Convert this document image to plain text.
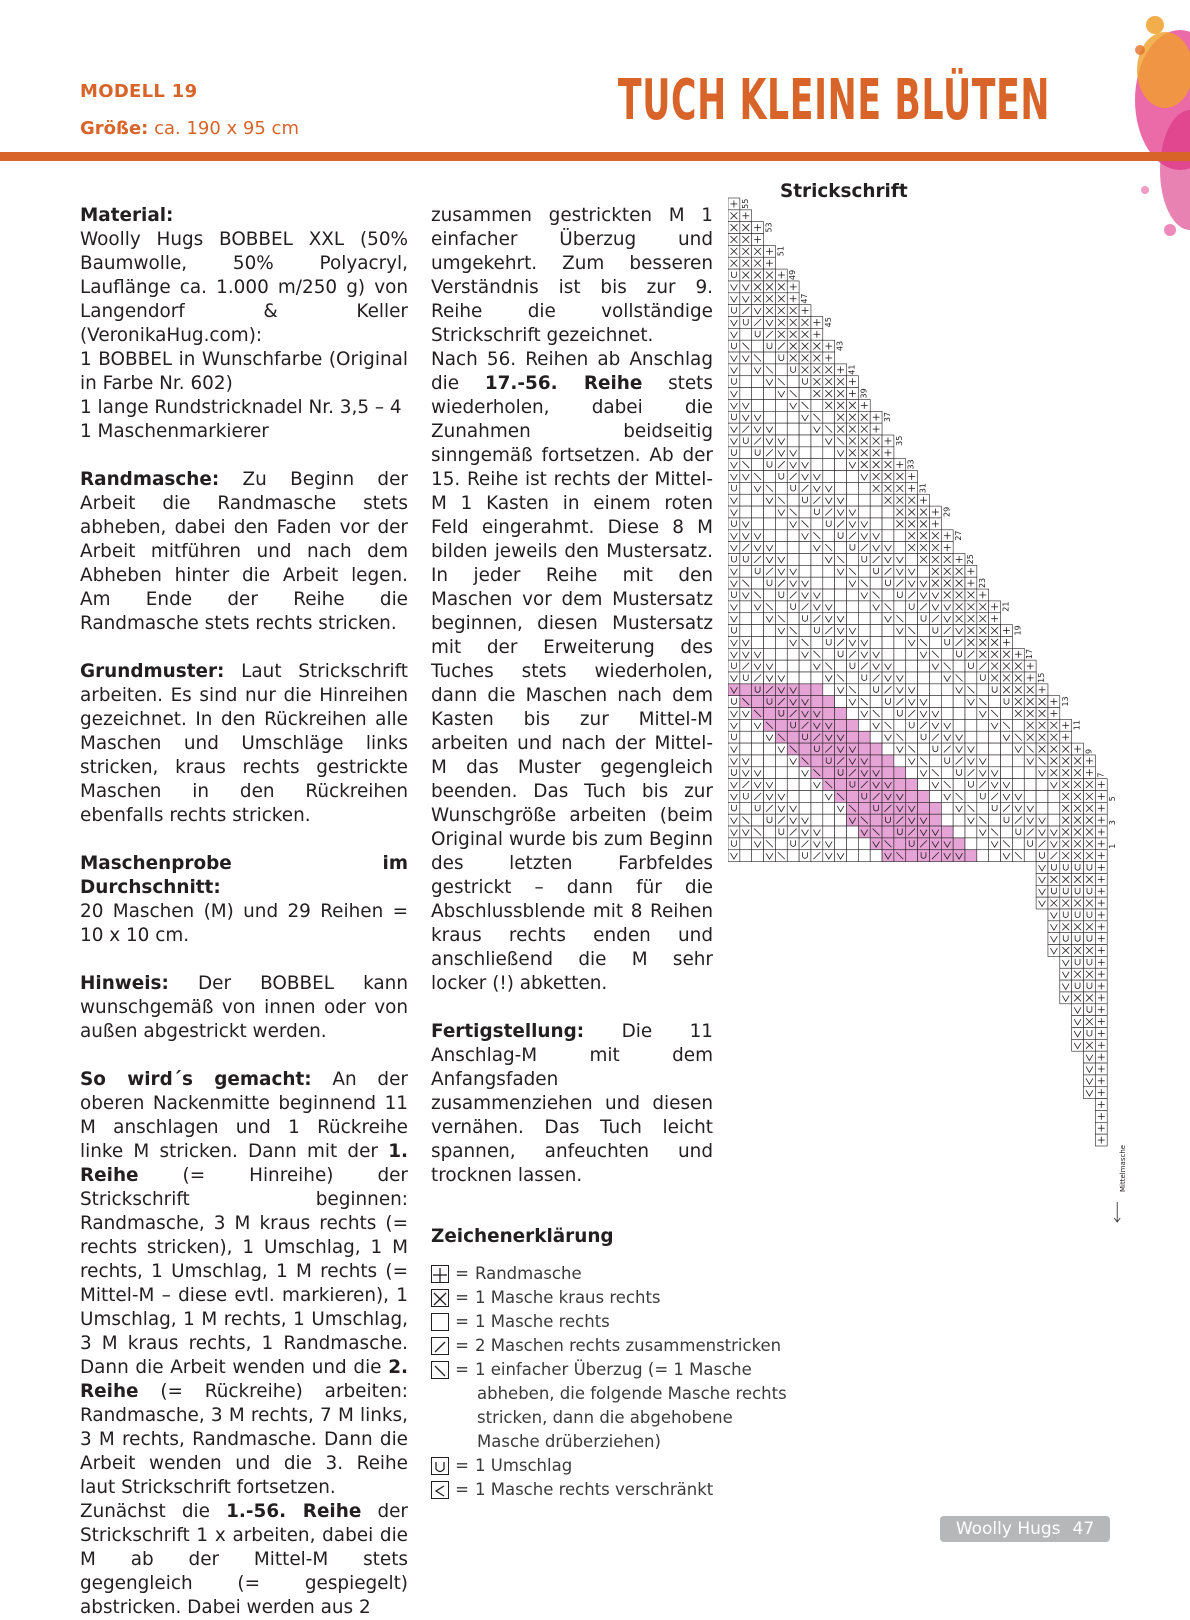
MODELL 19
Größe: ca. 190 x 95 cm	TUCH KLEINE BLÜTEN

Material:
Woolly Hugs BOBBEL XXL (50% Baumwolle, 50% Polyacryl, Lauflänge ca. 1.000 m/250 g) von Langendorf & Keller (VeronikaHug.com):
1 BOBBEL in Wunschfarbe (Original in Farbe Nr. 602)
1 lange Rundstricknadel Nr. 3,5 – 4
1 Maschenmarkierer

Randmasche: Zu Beginn der Arbeit die Randmasche stets abheben, dabei den Faden vor der Arbeit mitführen und nach dem Abheben hinter die Arbeit legen. Am Ende der Reihe die Randmasche stets rechts stricken.

Grundmuster: Laut Strickschrift arbeiten. Es sind nur die Hinreihen gezeichnet. In den Rückreihen alle Maschen und Umschläge links stricken, kraus rechts gestrickte Maschen in den Rückreihen ebenfalls rechts stricken.

Maschenprobe im Durchschnitt:
20 Maschen (M) und 29 Reihen = 10 x 10 cm.

Hinweis: Der BOBBEL kann wunschgemäß von innen oder von außen abgestrickt werden.

So wird´s gemacht: An der oberen Nackenmitte beginnend 11 M anschlagen und 1 Rückreihe linke M stricken. Dann mit der 1. Reihe (= Hinreihe) der Strickschrift beginnen: Randmasche, 3 M kraus rechts (= rechts stricken), 1 Umschlag, 1 M rechts, 1 Umschlag, 1 M rechts (= Mittel-M – diese evtl. markieren), 1 Umschlag, 1 M rechts, 1 Umschlag, 3 M kraus rechts, 1 Randmasche. Dann die Arbeit wenden und die 2. Reihe (= Rückreihe) arbeiten: Randmasche, 3 M rechts, 7 M links, 3 M rechts, Randmasche. Dann die Arbeit wenden und die 3. Reihe laut Strickschrift fortsetzen.

Zunächst die 1.-56. Reihe der Strickschrift 1 x arbeiten, dabei die M ab der Mittel-M stets gegengleich (= gespiegelt) abstricken. Dabei werden aus 2

zusammen gestrickten M 1 einfacher Überzug und umgekehrt. Zum besseren Verständnis ist bis zur 9. Reihe die vollständige Strickschrift gezeichnet.

Nach 56. Reihen ab Anschlag die 17.-56. Reihe stets wiederholen, dabei die Zunahmen beidseitig sinngemäß fortsetzen. Ab der 15. Reihe ist rechts der Mittel-M 1 Kasten in einem roten Feld eingerahmt. Diese 8 M bilden jeweils den Mustersatz. In jeder Reihe mit den Maschen vor dem Mustersatz beginnen, diesen Mustersatz mit der Erweiterung des Tuches stets wiederholen, dann die Maschen nach dem Kasten bis zur Mittel-M arbeiten und nach der Mittel-M das Muster gegengleich beenden. Das Tuch bis zur Wunschgröße arbeiten (beim Original wurde bis zum Beginn des letzten Farbfeldes gestrickt – dann für die Abschlussblende mit 8 Reihen kraus rechts enden und anschließend die M sehr locker (!) abketten.

Fertigstellung: Die 11 Anschlag-M mit dem Anfangsfaden zusammenziehen und diesen vernähen. Das Tuch leicht spannen, anfeuchten und trocknen lassen.

Zeichenerklärung
= Randmasche
= 1 Masche kraus rechts
= 1 Masche rechts
= 2 Maschen rechts zusammenstricken
= 1 einfacher Überzug (= 1 Masche
abheben, die folgende Masche rechts
stricken, dann die abgehobene
Masche drüberziehen)
= 1 Umschlag
= 1 Masche rechts verschränkt
Strickschrift
55
53
51
49
47
45
43
41
39
37
35
33
31
29
27
25
23
21
19
17
15
13
11
9
7
5
3
1
Mittelmasche
Woolly Hugs 47
